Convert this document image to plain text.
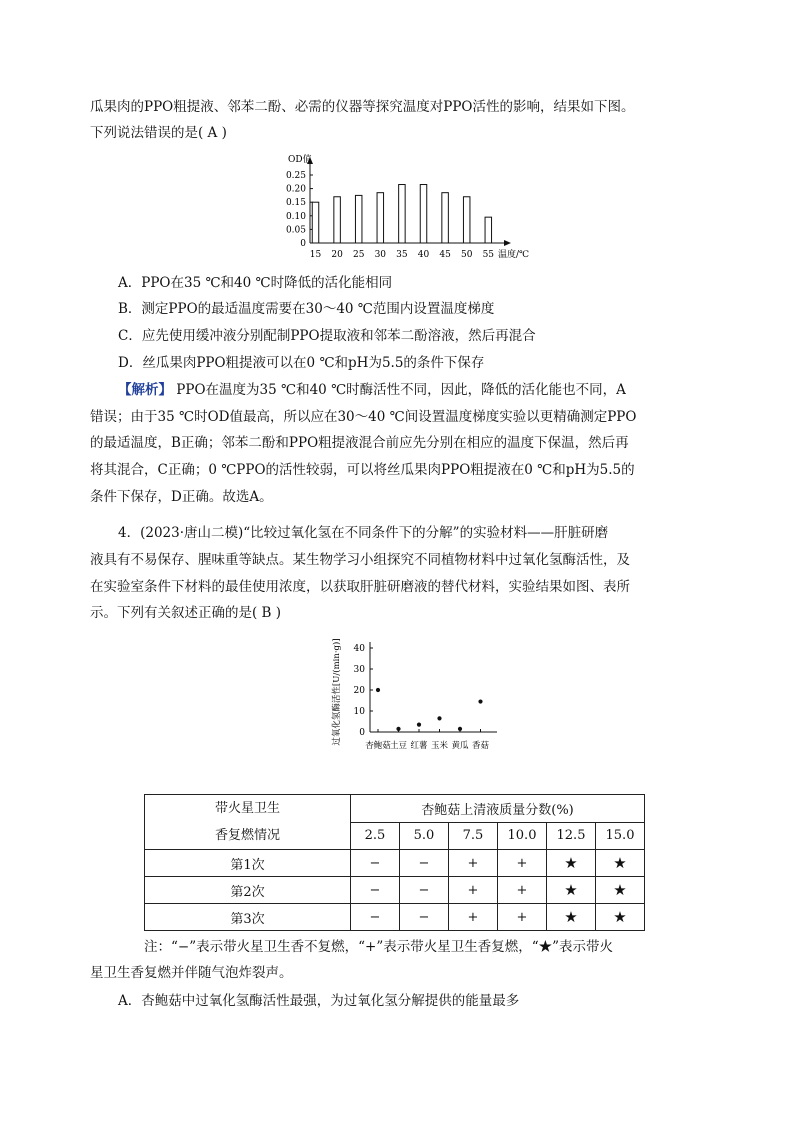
瓜果肉的PPO粗提液、邻苯二酚、必需的仪器等探究温度对PPO活性的影响，结果如下图。
下列说法错误的是( A )
OD值
温度/℃
0
0.05
0.10
0.15
0.20
0.25
15 20 25 30 35 40 45 50 55
A．PPO在35 ℃和40 ℃时降低的活化能相同
B．测定PPO的最适温度需要在30～40 ℃范围内设置温度梯度
C．应先使用缓冲液分别配制PPO提取液和邻苯二酚溶液，然后再混合
D．丝瓜果肉PPO粗提液可以在0 ℃和pH为5.5的条件下保存
【解析】 PPO在温度为35 ℃和40 ℃时酶活性不同，因此，降低的活化能也不同，A
错误；由于35 ℃时OD值最高，所以应在30～40 ℃间设置温度梯度实验以更精确测定PPO
的最适温度，B正确；邻苯二酚和PPO粗提液混合前应先分别在相应的温度下保温，然后再
将其混合，C正确；0 ℃PPO的活性较弱，可以将丝瓜果肉PPO粗提液在0 ℃和pH为5.5的
条件下保存，D正确。故选A。
4．(2023·唐山二模)“比较过氧化氢在不同条件下的分解”的实验材料——肝脏研磨
液具有不易保存、腥味重等缺点。某生物学习小组探究不同植物材料中过氧化氢酶活性，及
在实验室条件下材料的最佳使用浓度，以获取肝脏研磨液的替代材料，实验结果如图、表所
示。下列有关叙述正确的是( B )
过氧化氢酶活性[U/(min·g)] 0
10
20
30
40
杏鲍菇 土豆 红薯 玉米 黄瓜 香菇
带火星卫生
香复燃情况	杏鲍菇上清液质量分数(%)					
	2.5	5.0	7.5	10.0	12.5	15.0
第1次	−	−	+	+	★	★
第2次	−	−	+	+	★	★
第3次	−	−	+	+	★	★
注：“−”表示带火星卫生香不复燃，“+”表示带火星卫生香复燃，“★”表示带火
星卫生香复燃并伴随气泡炸裂声。
A．杏鲍菇中过氧化氢酶活性最强，为过氧化氢分解提供的能量最多
